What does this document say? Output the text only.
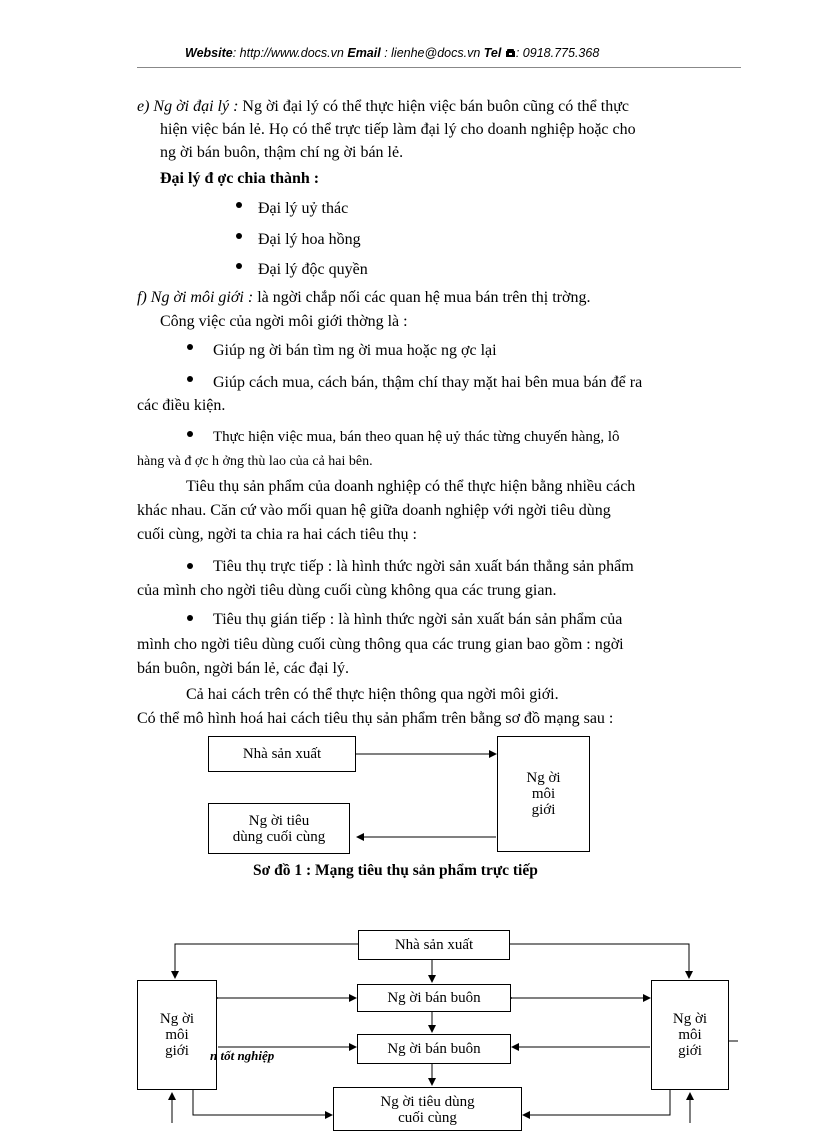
Website: http://www.docs.vn Email : lienhe@docs.vn Tel : 0918.775.368
e) Ng ời đại lý : Ng ời đại lý có thể thực hiện việc bán buôn cũng có thể thực
hiện việc bán lẻ. Họ có thể trực tiếp làm đại lý cho doanh nghiệp hoặc cho
ng ời bán buôn, thậm chí ng ời bán lẻ.
Đại lý đ ợc chia thành :
Đại lý uỷ thác
Đại lý hoa hồng
Đại lý độc quyền
f) Ng ời môi giới : là ngời chắp nối các quan hệ mua bán trên thị trờng.
Công việc của ngời môi giới thờng là :
Giúp ng ời bán tìm ng ời mua hoặc ng ợc lại
Giúp cách mua, cách bán, thậm chí thay mặt hai bên mua bán để ra
các điều kiện.
Thực hiện việc mua, bán theo quan hệ uỷ thác từng chuyến hàng, lô
hàng và đ ợc h ởng thù lao của cả hai bên.
Tiêu thụ sản phẩm của doanh nghiệp có thể thực hiện bằng nhiều cách
khác nhau. Căn cứ vào mối quan hệ giữa doanh nghiệp với ngời tiêu dùng
cuối cùng, ngời ta chia ra hai cách tiêu thụ :
Tiêu thụ trực tiếp : là hình thức ngời sản xuất bán thẳng sản phẩm
của mình cho ngời tiêu dùng cuối cùng không qua các trung gian.
Tiêu thụ gián tiếp : là hình thức ngời sản xuất bán sản phẩm của
mình cho ngời tiêu dùng cuối cùng thông qua các trung gian bao gồm : ngời
bán buôn, ngời bán lẻ, các đại lý.
Cả hai cách trên có thể thực hiện thông qua ngời môi giới.
Có thể mô hình hoá hai cách tiêu thụ sản phẩm trên bằng sơ đồ mạng sau :
Nhà sản xuất
Ng ời
môi
giới
Ng ời tiêu
dùng cuối cùng
Sơ đồ 1 : Mạng tiêu thụ sản phẩm trực tiếp
Nhà sản xuất
Ng ời
môi
giới
Ng ời
môi
giới
Ng ời bán buôn
Ng ời bán buôn
Ng ời tiêu dùng
cuối cùng
n tốt nghiệp
